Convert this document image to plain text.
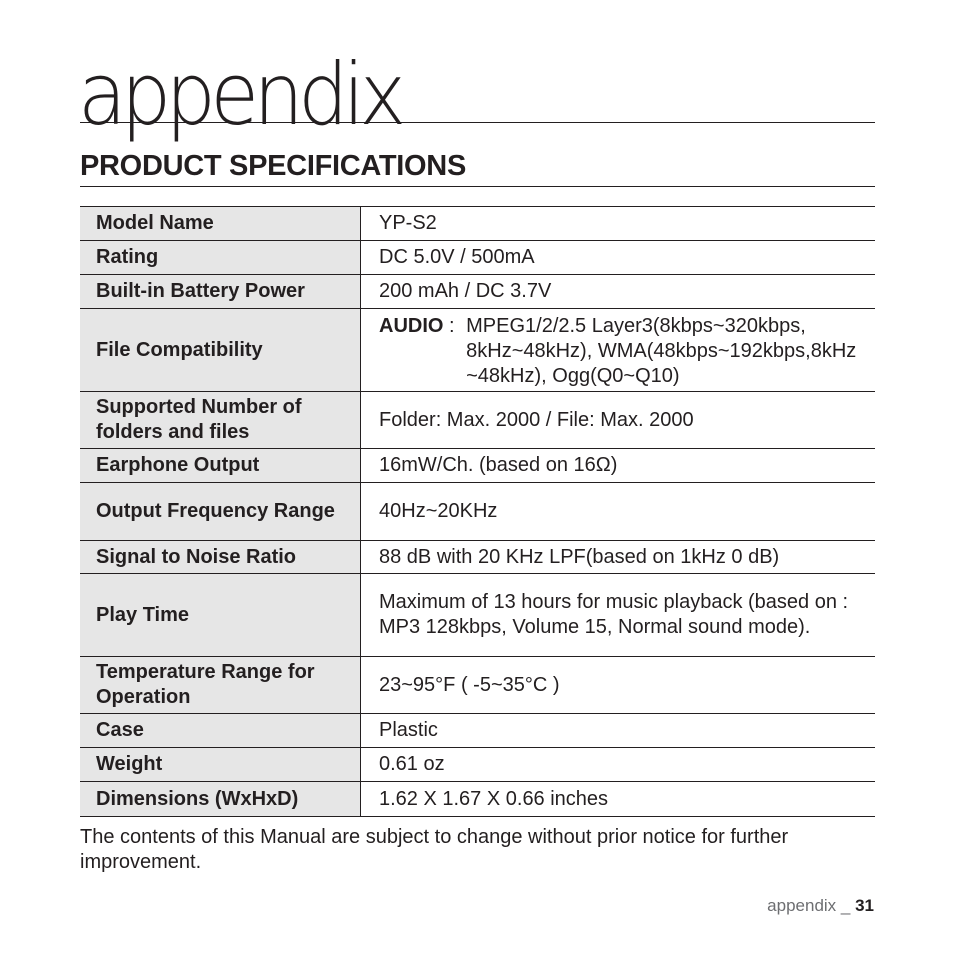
appendix
PRODUCT SPECIFICATIONS
Model Name	YP-S2
Rating	DC 5.0V / 500mA
Built-in Battery Power	200 mAh / DC 3.7V
File Compatibility	AUDIO : MPEG1/2/2.5 Layer3(8kbps~320kbps, 8kHz~48kHz), WMA(48kbps~192kbps,8kHz ~48kHz), Ogg(Q0~Q10)

Supported Number of folders and files	Folder: Max. 2000 / File: Max. 2000
Earphone Output	16mW/Ch. (based on 16Ω)
Output Frequency Range	40Hz~20KHz
Signal to Noise Ratio	88 dB with 20 KHz LPF(based on 1kHz 0 dB)
Play Time	Maximum of 13 hours for music playback (based on : MP3 128kbps, Volume 15, Normal sound mode).
Temperature Range for Operation	23~95°F ( -5~35°C )
Case	Plastic
Weight	0.61 oz
Dimensions (WxHxD)	1.62 X 1.67 X 0.66 inches
The contents of this Manual are subject to change without prior notice for further improvement.
appendix _ 31
